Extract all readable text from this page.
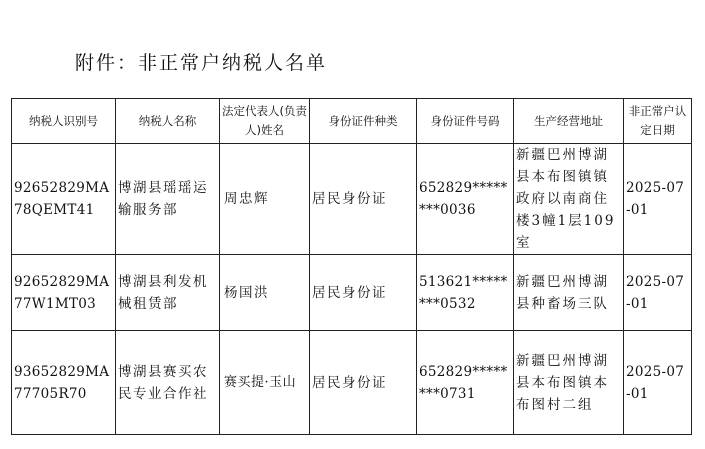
附件：非正常户纳税人名单
纳税人识别号	纳税人名称	法定代表人(负责人)姓名	身份证件种类	身份证件号码	生产经营地址	非正常户认定日期
92652829MA78QEMT41	博湖县瑶瑶运输服务部	周忠辉	居民身份证	652829********0036	新疆巴州博湖县本布图镇镇政府以南商住楼3幢1层109室	2025-07-01
92652829MA77W1MT03	博湖县利发机械租赁部	杨国洪	居民身份证	513621********0532	新疆巴州博湖县种畜场三队	2025-07-01
93652829MA77705R70	博湖县赛买农民专业合作社	赛买提·玉山	居民身份证	652829********0731	新疆巴州博湖县本布图镇本布图村二组	2025-07-01
